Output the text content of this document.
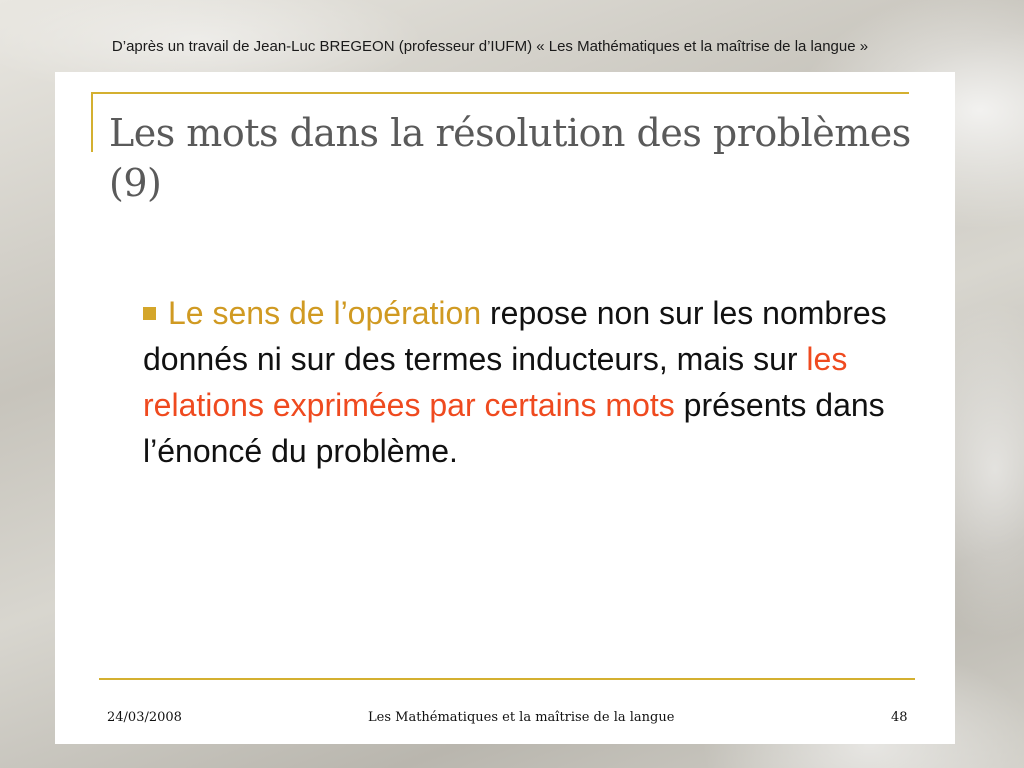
D’après un travail de Jean-Luc BREGEON (professeur d’IUFM) « Les Mathématiques et la maîtrise de la langue »
Les mots dans la résolution des problèmes (9)
Le sens de l’opération repose non sur les nombres donnés ni sur des termes inducteurs, mais sur les relations exprimées par certains mots présents dans l’énoncé du problème.
24/03/2008	Les Mathématiques et la maîtrise de la langue	48
